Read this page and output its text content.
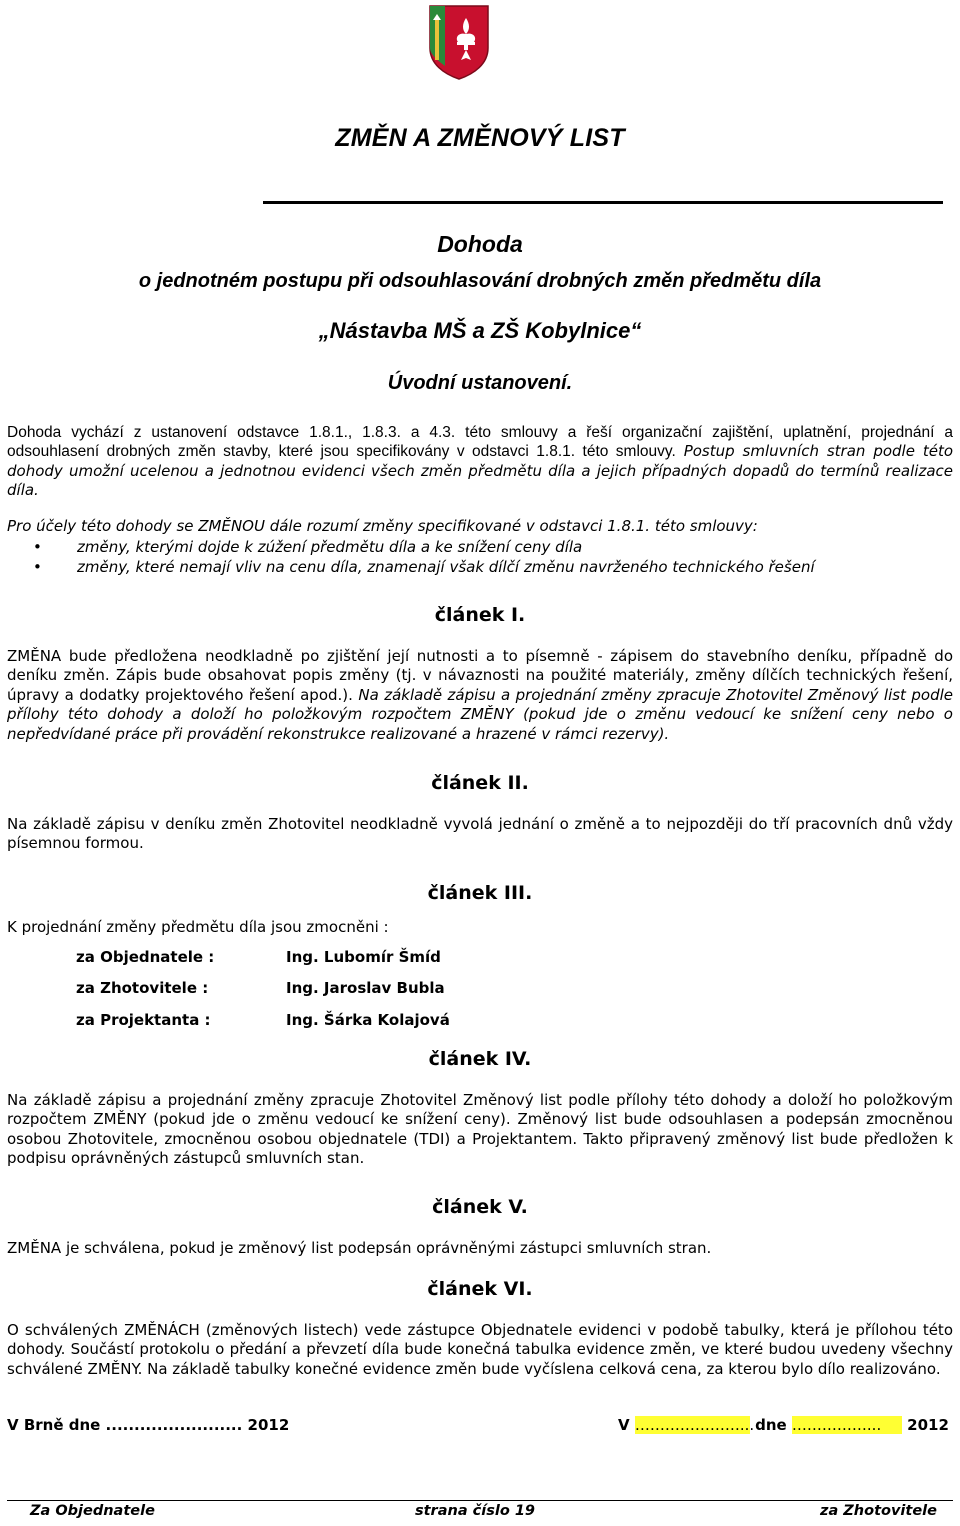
ZMĚN A ZMĚNOVÝ LIST
Dohoda
o jednotném postupu při odsouhlasování drobných změn předmětu díla
„Nástavba MŠ a ZŠ Kobylnice“
Úvodní ustanovení.
Dohoda vychází z ustanovení odstavce 1.8.1., 1.8.3. a 4.3. této smlouvy a řeší organizační zajištění, uplatnění, projednání a odsouhlasení drobných změn stavby, které jsou specifikovány v odstavci 1.8.1. této smlouvy. Postup smluvních stran podle této dohody umožní ucelenou a jednotnou evidenci všech změn předmětu díla a jejich případných dopadů do termínů realizace díla.
Pro účely této dohody se ZMĚNOU dále rozumí změny specifikované v odstavci 1.8.1. této smlouvy:
• změny, kterými dojde k zúžení předmětu díla a ke snížení ceny díla
• změny, které nemají vliv na cenu díla, znamenají však dílčí změnu navrženého technického řešení
článek I.
ZMĚNA bude předložena neodkladně po zjištění její nutnosti a to písemně - zápisem do stavebního deníku, případně do deníku změn. Zápis bude obsahovat popis změny (tj. v návaznosti na použité materiály, změny dílčích technických řešení, úpravy a dodatky projektového řešení apod.). Na základě zápisu a projednání změny zpracuje Zhotovitel Změnový list podle přílohy této dohody a doloží ho položkovým rozpočtem ZMĚNY (pokud jde o změnu vedoucí ke snížení ceny nebo o nepředvídané práce při provádění rekonstrukce realizované a hrazené v rámci rezervy).
článek II.
Na základě zápisu v deníku změn Zhotovitel neodkladně vyvolá jednání o změně a to nejpozději do tří pracovních dnů vždy písemnou formou.
článek III.
K projednání změny předmětu díla jsou zmocněni :
za Objednatele :	Ing. Lubomír Šmíd
za Zhotovitele :	Ing. Jaroslav Bubla
za Projektanta :	Ing. Šárka Kolajová
článek IV.
Na základě zápisu a projednání změny zpracuje Zhotovitel Změnový list podle přílohy této dohody a doloží ho položkovým rozpočtem ZMĚNY (pokud jde o změnu vedoucí ke snížení ceny). Změnový list bude odsouhlasen a podepsán zmocněnou osobou Zhotovitele, zmocněnou osobou objednatele (TDI) a Projektantem. Takto připravený změnový list bude předložen k podpisu oprávněných zástupců smluvních stan.
článek V.
ZMĚNA je schválena, pokud je změnový list podepsán oprávněnými zástupci smluvních stran.
článek VI.
O schválených ZMĚNÁCH (změnových listech) vede zástupce Objednatele evidenci v podobě tabulky, která je přílohou této dohody. Součástí protokolu o předání a převzetí díla bude konečná tabulka evidence změn, ve které budou uvedeny všechny schválené ZMĚNY. Na základě tabulky konečné evidence změn bude vyčíslena celková cena, za kterou bylo dílo realizováno.
V Brně dne ........................ 2012	V …………………... dne ……………... 2012
Za Objednatele	strana číslo 19	za Zhotovitele
